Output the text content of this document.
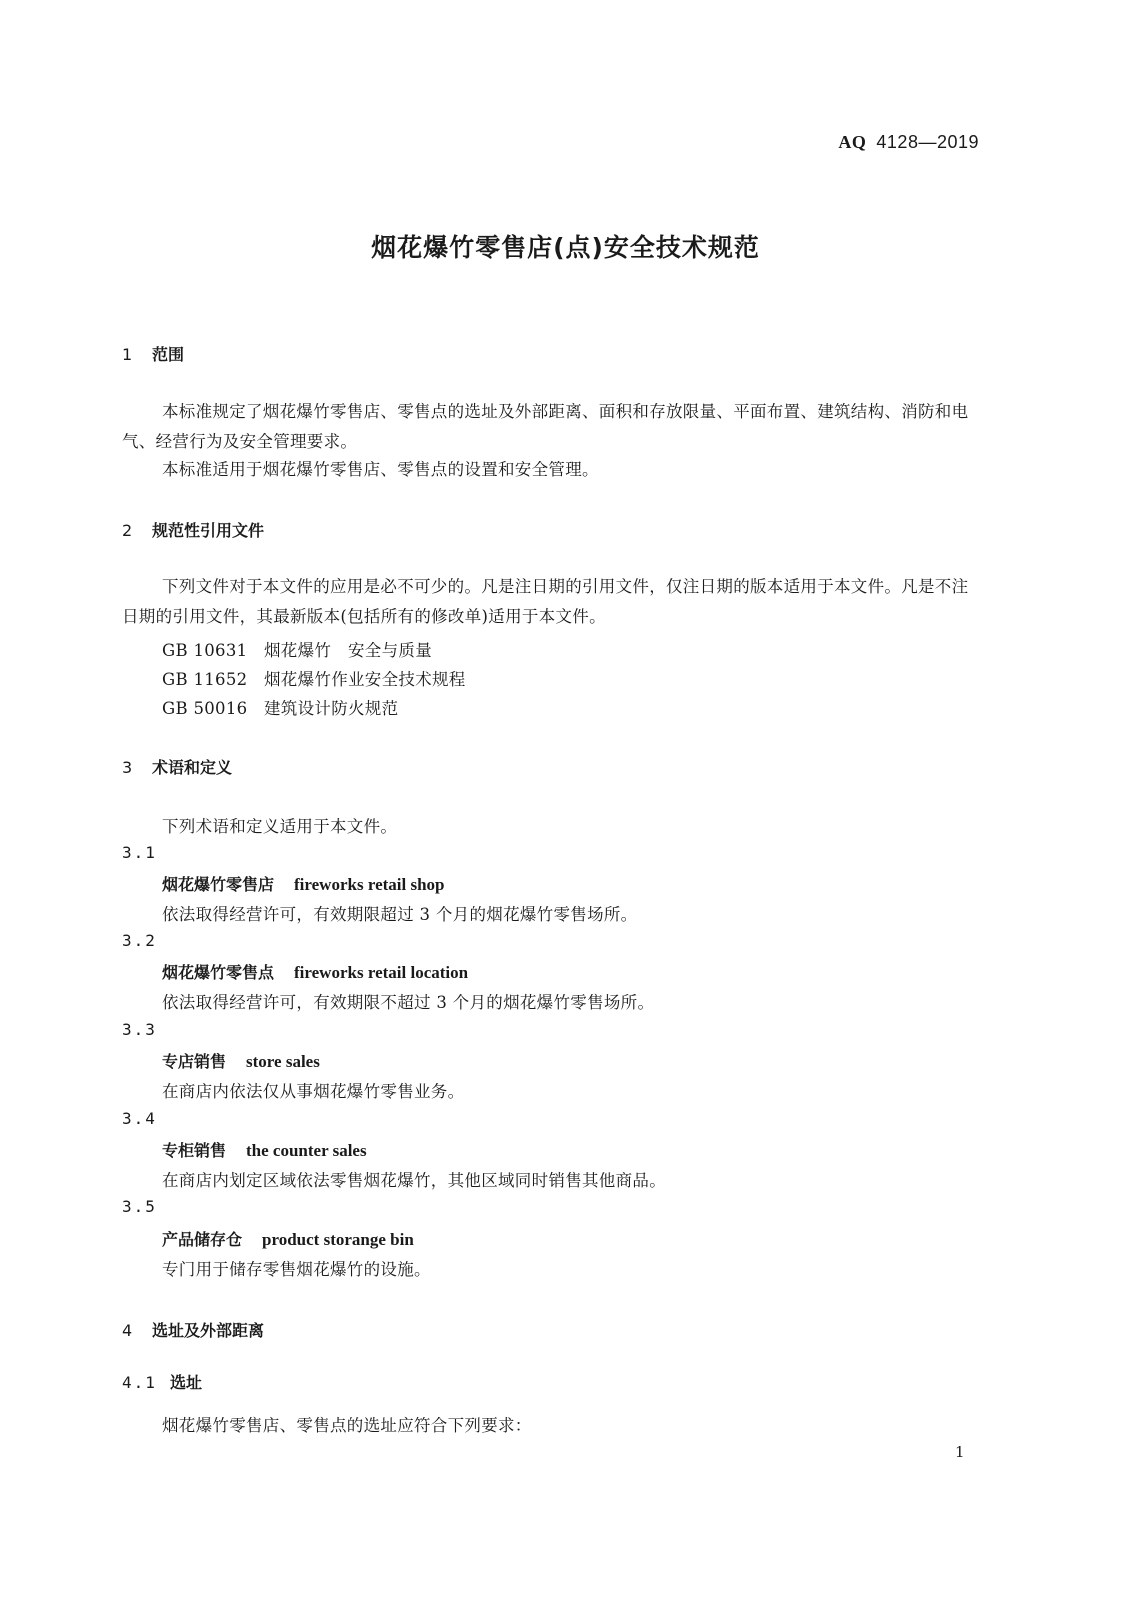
AQ 4128—2019
烟花爆竹零售店(点)安全技术规范
1 范围

本标准规定了烟花爆竹零售店、零售点的选址及外部距离、面积和存放限量、平面布置、建筑结构、消防和电气、经营行为及安全管理要求。

本标准适用于烟花爆竹零售店、零售点的设置和安全管理。

2 规范性引用文件

下列文件对于本文件的应用是必不可少的。凡是注日期的引用文件，仅注日期的版本适用于本文件。凡是不注日期的引用文件，其最新版本(包括所有的修改单)适用于本文件。

GB 10631 烟花爆竹　安全与质量
GB 11652 烟花爆竹作业安全技术规程
GB 50016 建筑设计防火规范
3 术语和定义
下列术语和定义适用于本文件。
3.1
烟花爆竹零售店 fireworks retail shop
依法取得经营许可，有效期限超过 3 个月的烟花爆竹零售场所。
3.2
烟花爆竹零售点 fireworks retail location
依法取得经营许可，有效期限不超过 3 个月的烟花爆竹零售场所。
3.3
专店销售 store sales
在商店内依法仅从事烟花爆竹零售业务。
3.4
专柜销售 the counter sales
在商店内划定区域依法零售烟花爆竹，其他区域同时销售其他商品。
3.5
产品储存仓 product storange bin
专门用于储存零售烟花爆竹的设施。
4 选址及外部距离
4.1 选址
烟花爆竹零售店、零售点的选址应符合下列要求：
1
